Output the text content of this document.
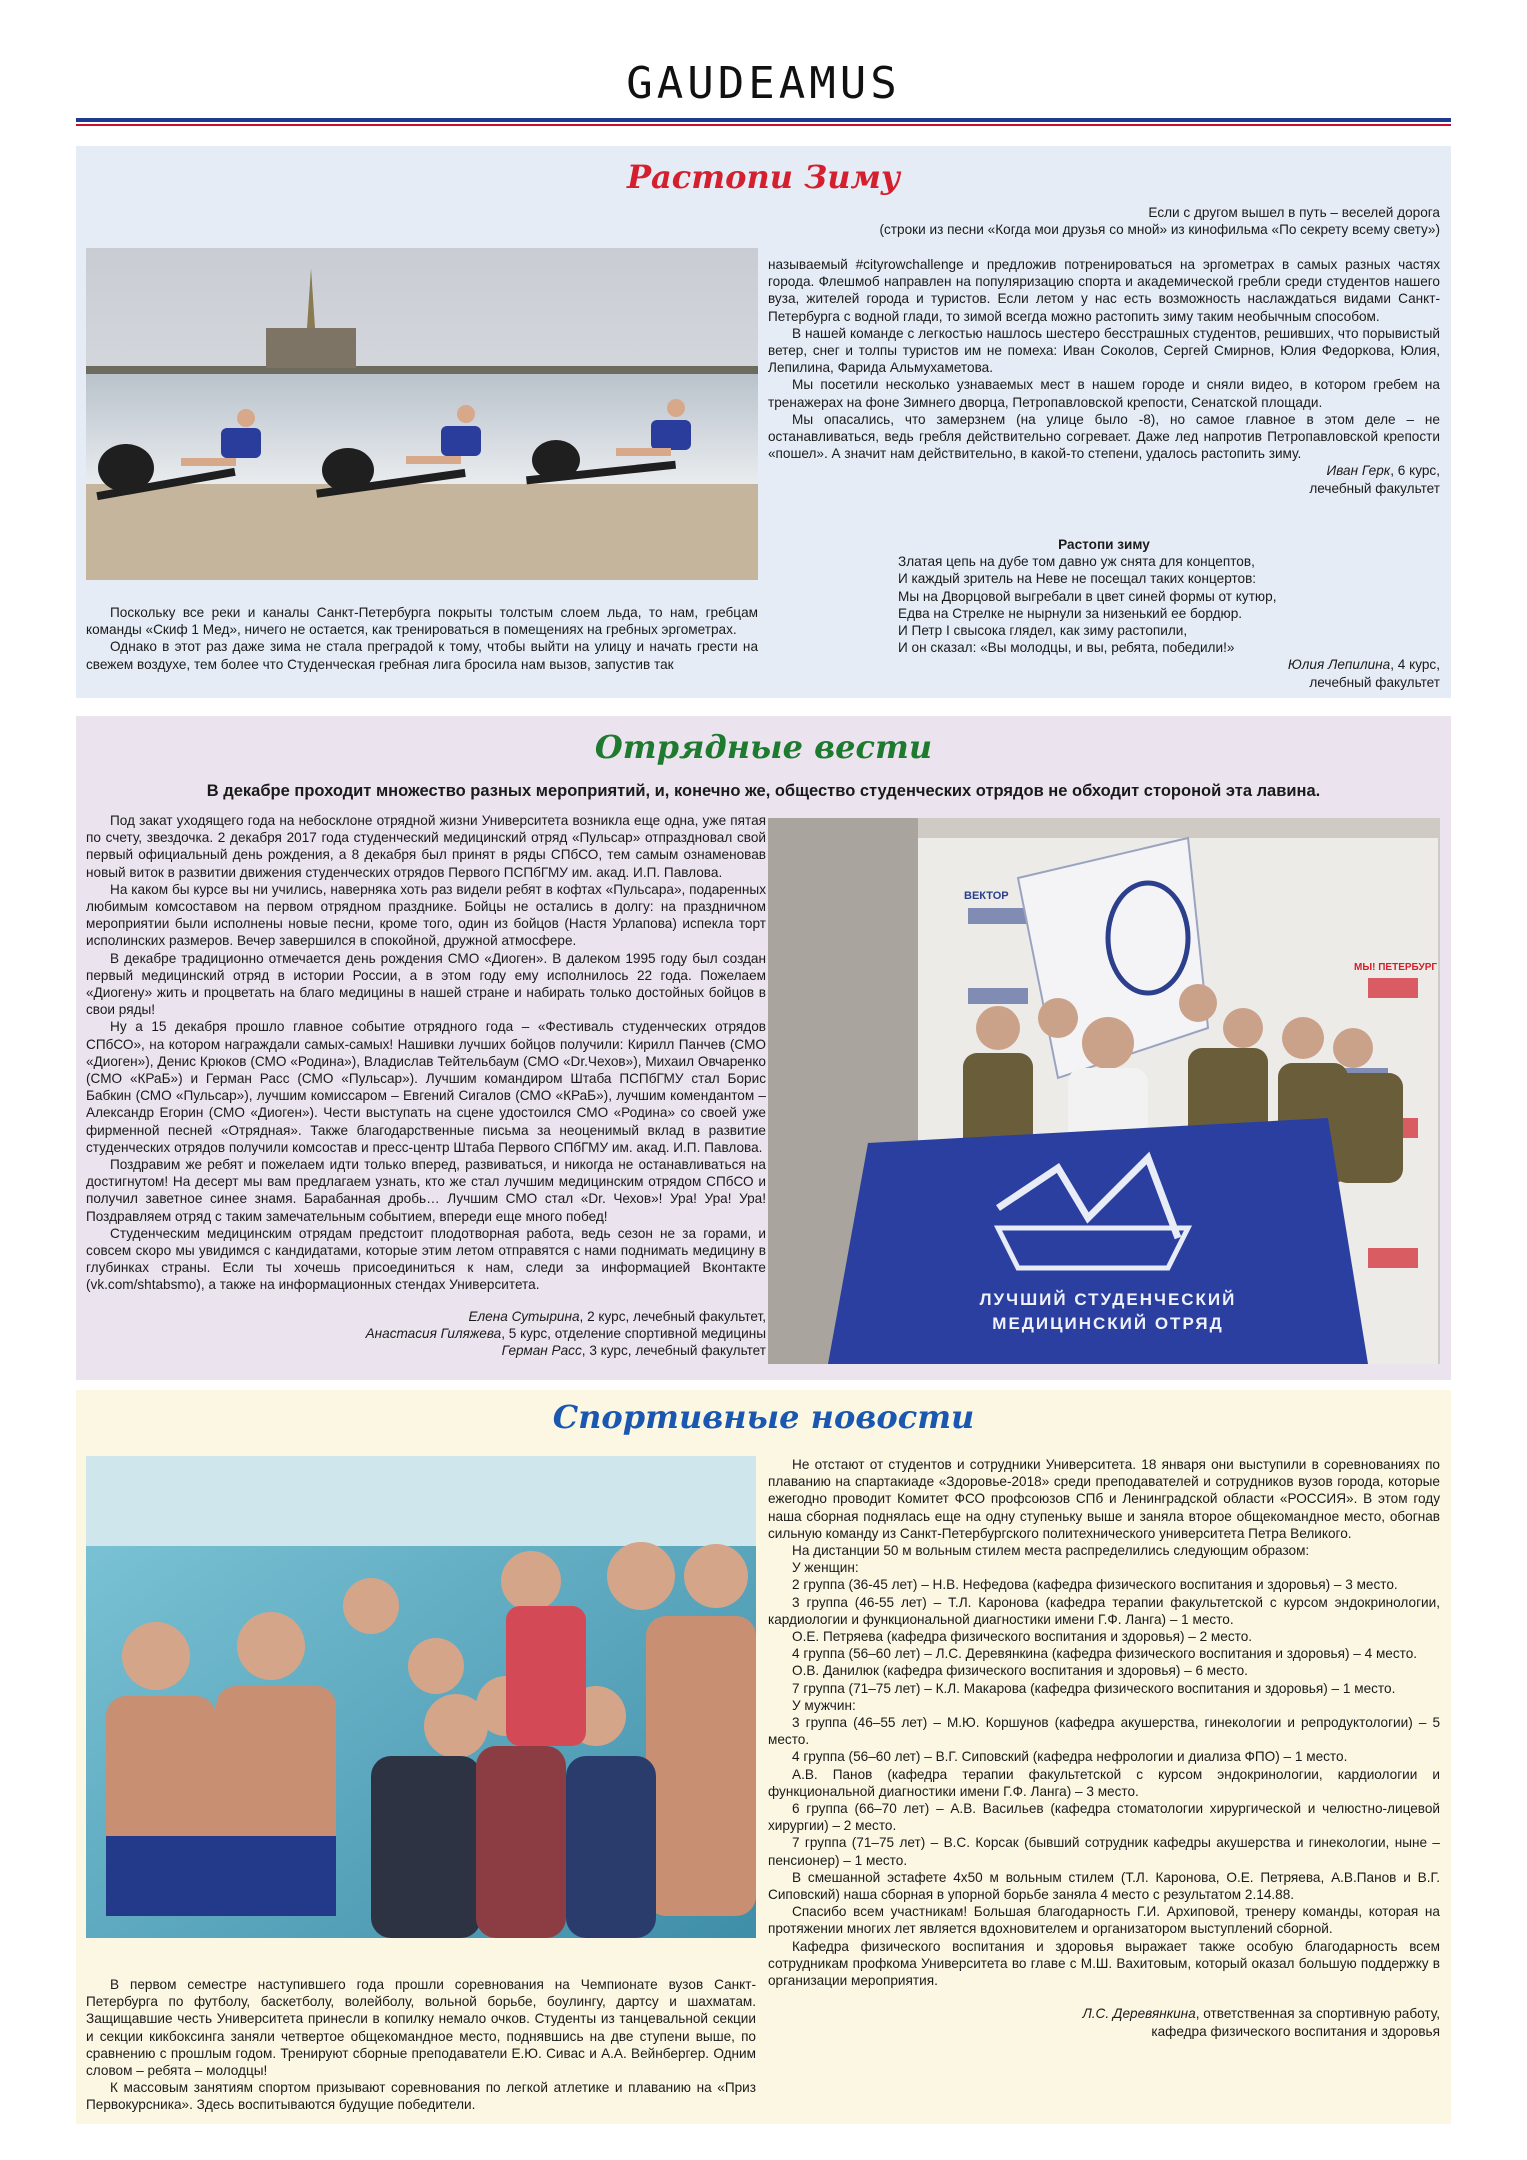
GAUDEAMUS
Растопи Зиму
Если с другом вышел в путь – веселей дорога
(строки из песни «Когда мои друзья со мной» из кинофильма «По секрету всему свету»)

Поскольку все реки и каналы Санкт-Петербурга покрыты толстым слоем льда, то нам, гребцам команды «Скиф 1 Мед», ничего не остается, как тренироваться в помещениях на гребных эргометрах.

Однако в этот раз даже зима не стала преградой к тому, чтобы выйти на улицу и начать грести на свежем воздухе, тем более что Студенческая гребная лига бросила нам вызов, запустив так

называемый #cityrowchallenge и предложив потренироваться на эргометрах в самых разных частях города. Флешмоб направлен на популяризацию спорта и академической гребли среди студентов нашего вуза, жителей города и туристов. Если летом у нас есть возможность наслаждаться видами Санкт-Петербурга с водной глади, то зимой всегда можно растопить зиму таким необычным способом.

В нашей команде с легкостью нашлось шестеро бесстрашных студентов, решивших, что порывистый ветер, снег и толпы туристов им не помеха: Иван Соколов, Сергей Смирнов, Юлия Федоркова, Юлия, Лепилина, Фарида Альмухаметова.

Мы посетили несколько узнаваемых мест в нашем городе и сняли видео, в котором гребем на тренажерах на фоне Зимнего дворца, Петропавловской крепости, Сенатской площади.

Мы опасались, что замерзнем (на улице было -8), но самое главное в этом деле – не останавливаться, ведь гребля действительно согревает. Даже лед напротив Петропавловской крепости «пошел». А значит нам действительно, в какой-то степени, удалось растопить зиму.

Иван Герк, 6 курс,
лечебный факультет
Растопи зиму
Златая цепь на дубе том давно уж снята для концептов,
И каждый зритель на Неве не посещал таких концертов:
Мы на Дворцовой выгребали в цвет синей формы от кутюр,
Едва на Стрелке не нырнули за низенький ее бордюр.
И Петр I свысока глядел, как зиму растопили,
И он сказал: «Вы молодцы, и вы, ребята, победили!»
Юлия Лепилина, 4 курс,
лечебный факультет
Отрядные вести
В декабре проходит множество разных мероприятий, и, конечно же, общество студенческих отрядов не обходит стороной эта лавина.

Под закат уходящего года на небосклоне отрядной жизни Университета возникла еще одна, уже пятая по счету, звездочка. 2 декабря 2017 года студенческий медицинский отряд «Пульсар» отпраздновал свой первый официальный день рождения, а 8 декабря был принят в ряды СПбСО, тем самым ознаменовав новый виток в развитии движения студенческих отрядов Первого ПСПбГМУ им. акад. И.П. Павлова.

На каком бы курсе вы ни учились, наверняка хоть раз видели ребят в кофтах «Пульсара», подаренных любимым комсоставом на первом отрядном празднике. Бойцы не остались в долгу: на праздничном мероприятии были исполнены новые песни, кроме того, один из бойцов (Настя Урлапова) испекла торт исполинских размеров. Вечер завершился в спокойной, дружной атмосфере.

В декабре традиционно отмечается день рождения СМО «Диоген». В далеком 1995 году был создан первый медицинский отряд в истории России, а в этом году ему исполнилось 22 года. Пожелаем «Диогену» жить и процветать на благо медицины в нашей стране и набирать только достойных бойцов в свои ряды!

Ну а 15 декабря прошло главное событие отрядного года – «Фестиваль студенческих отрядов СПбСО», на котором награждали самых-самых! Нашивки лучших бойцов получили: Кирилл Панчев (СМО «Диоген»), Денис Крюков (СМО «Родина»), Владислав Тейтельбаум (СМО «Dr.Чехов»), Михаил Овчаренко (СМО «КРаБ») и Герман Расс (СМО «Пульсар»). Лучшим командиром Штаба ПСПбГМУ стал Борис Бабкин (СМО «Пульсар»), лучшим комиссаром – Евгений Сигалов (СМО «КРаБ»), лучшим комендантом – Александр Егорин (СМО «Диоген»). Чести выступать на сцене удостоился СМО «Родина» со своей уже фирменной песней «Отрядная». Также благодарственные письма за неоценимый вклад в развитие студенческих отрядов получили комсостав и пресс-центр Штаба Первого СПбГМУ им. акад. И.П. Павлова.

Поздравим же ребят и пожелаем идти только вперед, развиваться, и никогда не останавливаться на достигнутом! На десерт мы вам предлагаем узнать, кто же стал лучшим медицинским отрядом СПбСО и получил заветное синее знамя. Барабанная дробь… Лучшим СМО стал «Dr. Чехов»! Ура! Ура! Ура! Поздравляем отряд с таким замечательным событием, впереди еще много побед!

Студенческим медицинским отрядам предстоит плодотворная работа, ведь сезон не за горами, и совсем скоро мы увидимся с кандидатами, которые этим летом отправятся с нами поднимать медицину в глубинках страны. Если ты хочешь присоединиться к нам, следи за информацией Вконтакте (vk.com/shtabsmo), а также на информационных стендах Университета.

Елена Сутырина, 2 курс, лечебный факультет,
Анастасия Гиляжева, 5 курс, отделение спортивной медицины
Герман Расс, 3 курс, лечебный факультет
ЛУЧШИЙ СТУДЕНЧЕСКИЙ
МЕДИЦИНСКИЙ ОТРЯД
ВЕКТОР
МЫ! ПЕТЕРБУРГ
Спортивные новости

В первом семестре наступившего года прошли соревнования на Чемпионате вузов Санкт-Петербурга по футболу, баскетболу, волейболу, вольной борьбе, боулингу, дартсу и шахматам. Защищавшие честь Университета принесли в копилку немало очков. Студенты из танцевальной секции и секции кикбоксинга заняли четвертое общекомандное место, поднявшись на две ступени выше, по сравнению с прошлым годом. Тренируют сборные преподаватели Е.Ю. Сивас и А.А. Вейнбергер. Одним словом – ребята – молодцы!

К массовым занятиям спортом призывают соревнования по легкой атлетике и плаванию на «Приз Первокурсника». Здесь воспитываются будущие победители.

Не отстают от студентов и сотрудники Университета. 18 января они выступили в соревнованиях по плаванию на спартакиаде «Здоровье-2018» среди преподавателей и сотрудников вузов города, которые ежегодно проводит Комитет ФСО профсоюзов СПб и Ленинградской области «РОССИЯ». В этом году наша сборная поднялась еще на одну ступеньку выше и заняла второе общекомандное место, обогнав сильную команду из Санкт-Петербургского политехнического университета Петра Великого.

На дистанции 50 м вольным стилем места распределились следующим образом:

У женщин:

2 группа (36-45 лет) – Н.В. Нефедова (кафедра физического воспитания и здоровья) – 3 место.

3 группа (46-55 лет) – Т.Л. Каронова (кафедра терапии факультетской с курсом эндокринологии, кардиологии и функциональной диагностики имени Г.Ф. Ланга) – 1 место.

О.Е. Петряева (кафедра физического воспитания и здоровья) – 2 место.

4 группа (56–60 лет) – Л.С. Деревянкина (кафедра физического воспитания и здоровья) – 4 место.

О.В. Данилюк (кафедра физического воспитания и здоровья) – 6 место.

7 группа (71–75 лет) – К.Л. Макарова (кафедра физического воспитания и здоровья) – 1 место.

У мужчин:

3 группа (46–55 лет) – М.Ю. Коршунов (кафедра акушерства, гинекологии и репродуктологии) – 5 место.

4 группа (56–60 лет) – В.Г. Сиповский (кафедра нефрологии и диализа ФПО) – 1 место.

А.В. Панов (кафедра терапии факультетской с курсом эндокринологии, кардиологии и функциональной диагностики имени Г.Ф. Ланга) – 3 место.

6 группа (66–70 лет) – А.В. Васильев (кафедра стоматологии хирургической и челюстно-лицевой хирургии) – 2 место.

7 группа (71–75 лет) – В.С. Корсак (бывший сотрудник кафедры акушерства и гинекологии, ныне – пенсионер) – 1 место.

В смешанной эстафете 4х50 м вольным стилем (Т.Л. Каронова, О.Е. Петряева, А.В.Панов и В.Г. Сиповский) наша сборная в упорной борьбе заняла 4 место с результатом 2.14.88.

Спасибо всем участникам! Большая благодарность Г.И. Архиповой, тренеру команды, которая на протяжении многих лет является вдохновителем и организатором выступлений сборной.

Кафедра физического воспитания и здоровья выражает также особую благодарность всем сотрудникам профкома Университета во главе с М.Ш. Вахитовым, который оказал большую поддержку в организации мероприятия.

Л.С. Деревянкина, ответственная за спортивную работу,
кафедра физического воспитания и здоровья
